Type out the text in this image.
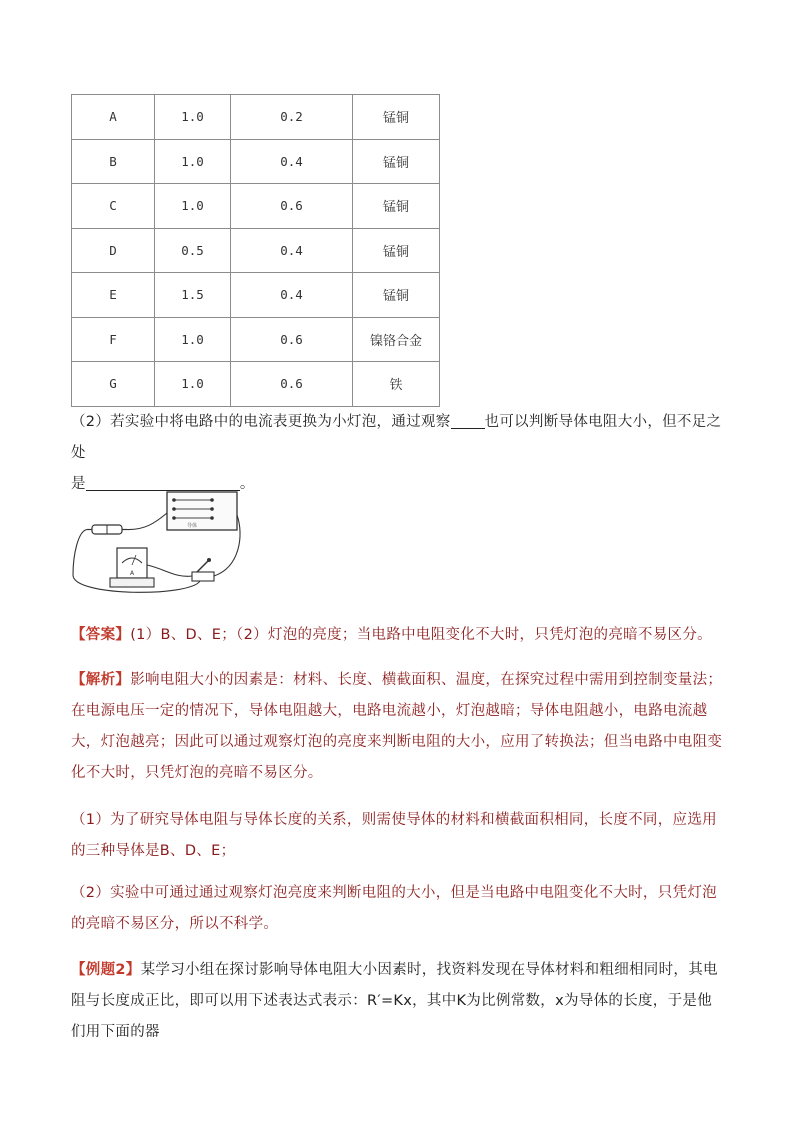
A	1.0	0.2	锰铜
B	1.0	0.4	锰铜
C	1.0	0.6	锰铜
D	0.5	0.4	锰铜
E	1.5	0.4	锰铜
F	1.0	0.6	镍铬合金
G	1.0	0.6	铁
（2）若实验中将电路中的电流表更换为小灯泡，通过观察 也可以判断导体电阻大小，但不足之处
是	。
导体
A
【答案】(1）B、D、E；（2）灯泡的亮度；当电路中电阻变化不大时，只凭灯泡的亮暗不易区分。
【解析】影响电阻大小的因素是：材料、长度、横截面积、温度，在探究过程中需用到控制变量法；在电源电压一定的情况下，导体电阻越大，电路电流越小，灯泡越暗；导体电阻越小，电路电流越大，灯泡越亮；因此可以通过观察灯泡的亮度来判断电阻的大小，应用了转换法；但当电路中电阻变化不大时，只凭灯泡的亮暗不易区分。
（1）为了研究导体电阻与导体长度的关系，则需使导体的材料和横截面积相同，长度不同，应选用的三种导体是B、D、E；
（2）实验中可通过通过观察灯泡亮度来判断电阻的大小，但是当电路中电阻变化不大时，只凭灯泡的亮暗不易区分，所以不科学。
【例题2】某学习小组在探讨影响导体电阻大小因素时，找资料发现在导体材料和粗细相同时，其电阻与长度成正比，即可以用下述表达式表示：R′=Kx，其中K为比例常数，x为导体的长度，于是他们用下面的器
